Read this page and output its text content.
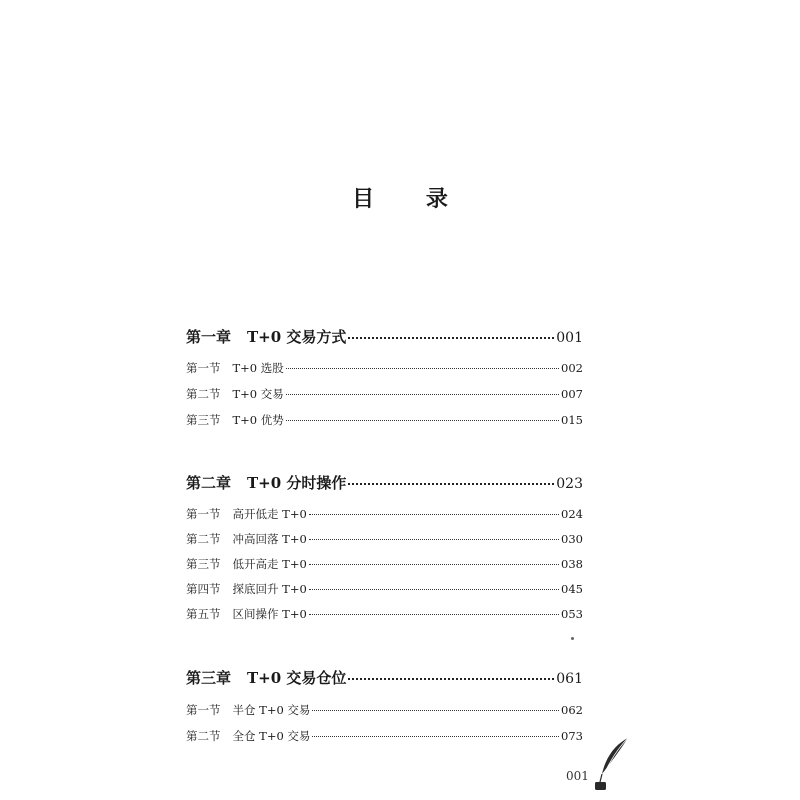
目 录
第一章 T+0 交易方式	001
第一节 T+0 选股	002
第二节 T+0 交易	007
第三节 T+0 优势	015
第二章 T+0 分时操作	023
第一节 高开低走 T+0	024
第二节 冲高回落 T+0	030
第三节 低开高走 T+0	038
第四节 探底回升 T+0	045
第五节 区间操作 T+0	053
第三章 T+0 交易仓位	061
第一节 半仓 T+0 交易	062
第二节 全仓 T+0 交易	073
001
